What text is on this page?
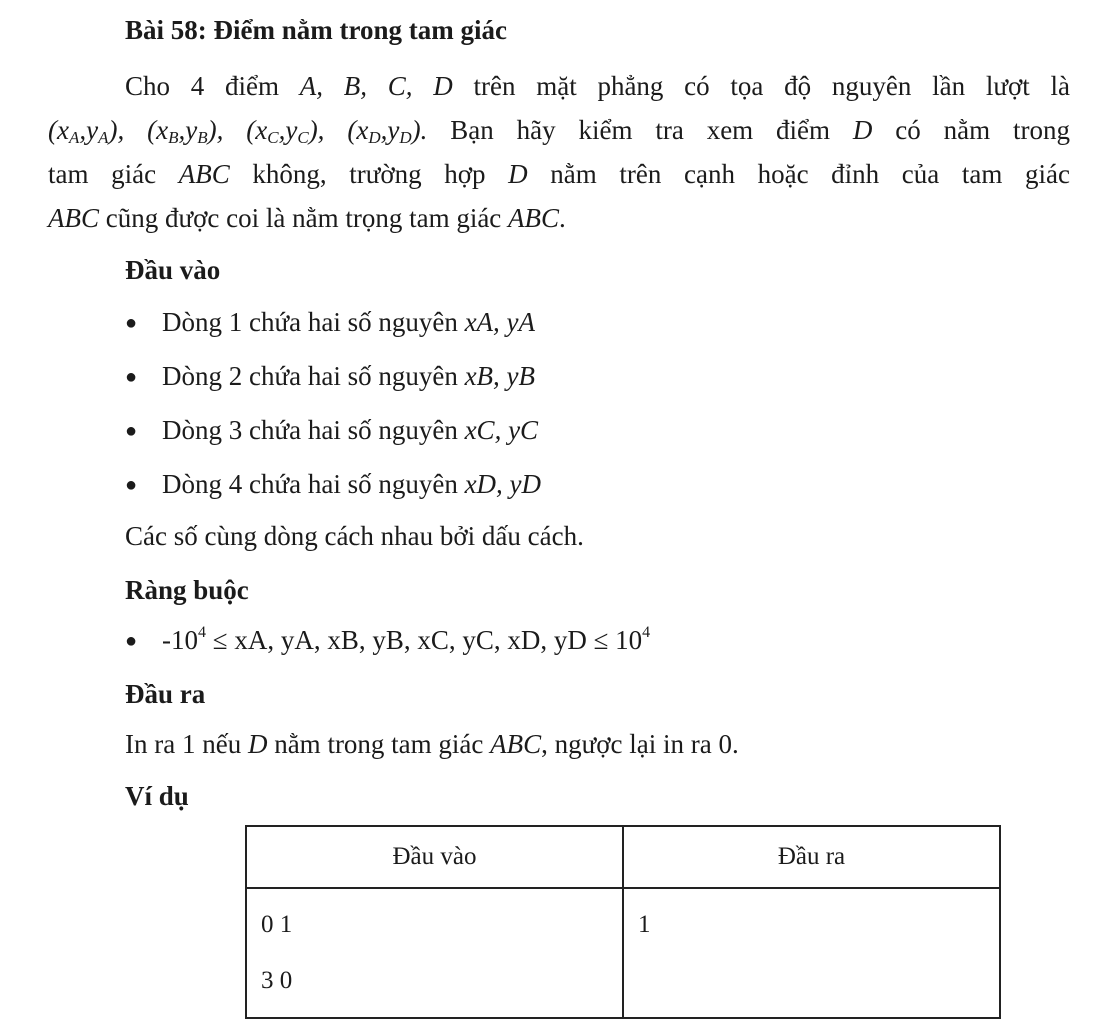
Bài 58: Điểm nằm trong tam giác
Cho 4 điểm A, B, C, D trên mặt phẳng có tọa độ nguyên lần lượt là
$(x_A,y_A)$, $(x_B,y_B)$, $(x_C,y_C)$, $(x_D,y_D)$. Bạn hãy kiểm tra xem điểm D có nằm trong
tam giác ABC không, trường hợp D nằm trên cạnh hoặc đỉnh của tam giác
ABC cũng được coi là nằm trọng tam giác ABC.
Đầu vào
● Dòng 1 chứa hai số nguyên xA, yA
● Dòng 2 chứa hai số nguyên xB, yB
● Dòng 3 chứa hai số nguyên xC, yC
● Dòng 4 chứa hai số nguyên xD, yD
Các số cùng dòng cách nhau bởi dấu cách.
Ràng buộc
● $-10^4$ ≤ xA, yA, xB, yB, xC, yC, xD, yD ≤ $10^4$
Đầu ra
In ra 1 nếu D nằm trong tam giác ABC, ngược lại in ra 0.
Ví dụ
Đầu vào	Đầu ra

0 1
3 0	1
